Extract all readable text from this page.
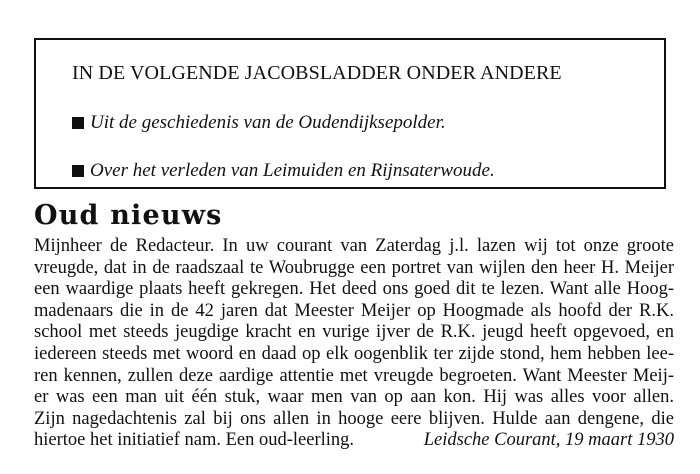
IN DE VOLGENDE JACOBSLADDER ONDER ANDERE
Uit de geschiedenis van de Oudendijksepolder.
Over het verleden van Leimuiden en Rijnsaterwoude.
Oud nieuws
Mijnheer de Redacteur. In uw courant van Zaterdag j.l. lazen wij tot onze groote
vreugde, dat in de raadszaal te Woubrugge een portret van wijlen den heer H. Meijer
een waardige plaats heeft gekregen. Het deed ons goed dit te lezen. Want alle Hoog-
madenaars die in de 42 jaren dat Meester Meijer op Hoogmade als hoofd der R.K.
school met steeds jeugdige kracht en vurige ijver de R.K. jeugd heeft opgevoed, en
iedereen steeds met woord en daad op elk oogenblik ter zijde stond, hem hebben lee-
ren kennen, zullen deze aardige attentie met vreugde begroeten. Want Meester Meij-
er was een man uit één stuk, waar men van op aan kon. Hij was alles voor allen.
Zijn nagedachtenis zal bij ons allen in hooge eere blijven. Hulde aan dengene, die
hiertoe het initiatief nam. Een oud-leerling.	Leidsche Courant, 19 maart 1930
